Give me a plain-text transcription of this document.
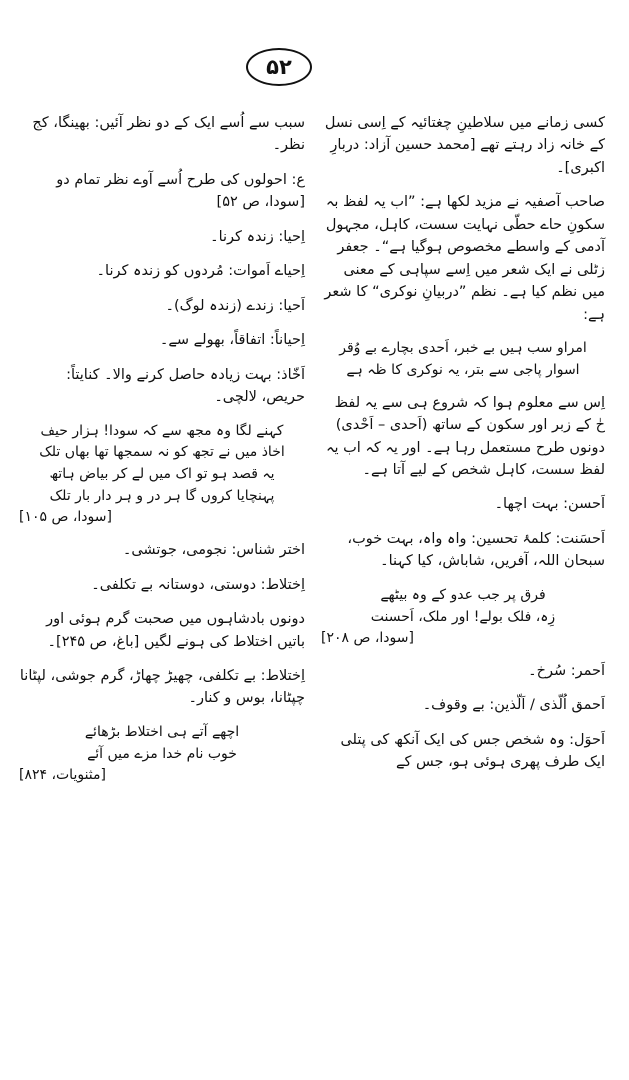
۵۲

کسی زمانے میں سلاطینِ چغتائیہ کے اِسی نسل کے خانہ زاد رہتے تھے [محمد حسین آزاد: دربارِ اکبری]۔

صاحب آصفیہ نے مزید لکھا ہے: ”اب یہ لفظ بہ سکونِ حاے حطّی نہایت سست، کاہل، مجہول آدمی کے واسطے مخصوص ہوگیا ہے“۔ جعفر زٹلی نے ایک شعر میں اِسے سپاہی کے معنی میں نظم کیا ہے۔ نظم ”دربیانِ نوکری“ کا شعر ہے:

امراو سب ہیں بے خبر، اَحدی بچارے بے وُقر
اسوار پاجی سے بتر، یہ نوکری کا ظہ ہے

اِس سے معلوم ہوا کہ شروع ہی سے یہ لفظ حٰ کے زبر اور سکون کے ساتھ (اَحدی – اَحْدی) دونوں طرح مستعمل رہا ہے۔ اور یہ کہ اب یہ لفظ سست، کاہل شخص کے لیے آتا ہے۔

اَحسن: بہت اچھا۔

اَحسَنت: کلمۂ تحسین: واہ واہ، بہت خوب، سبحان اللہ، آفریں، شاباش، کیا کہنا۔

فرق پر جب عدو کے وہ بیٹھے
زِہ، فلک بولے! اور ملک، اَحسنت
[سودا، ص ۲۰۸]

اَحمر: سُرخ۔

اَحمق اُلّذی / اَلّذین: بے وقوف۔

اَحوَل: وہ شخص جس کی ایک آنکھ کی پتلی ایک طرف پھری ہوئی ہو، جس کے

سبب سے اُسے ایک کے دو نظر آئیں: بھینگا، کج نظر۔

ع: احولوں کی طرح اُسے آوے نظر تمام دو [سودا، ص ۵۲]

اِحیا: زندہ کرنا۔

اِحیاے اَموات: مُردوں کو زندہ کرنا۔

اَحیا: زندے (زندہ لوگ)۔

اِحیاناً: اتفاقاً، بھولے سے۔

اَخّاذ: بہت زیادہ حاصل کرنے والا۔ کنایتاً: حریص، لالچی۔

کہنے لگا وہ مجھ سے کہ سودا! ہزار حیف
اخاذ میں نے تجھ کو نہ سمجھا تھا بھاں تلک
یہ قصد ہو تو اک میں لے کر بیاض ہاتھ
پہنچایا کروں گا ہر در و ہر دار بار تلک
[سودا، ص ۱۰۵]

اختر شناس: نجومی، جوتشی۔

اِختلاط: دوستی، دوستانہ بے تکلفی۔

دونوں بادشاہوں میں صحبت گرم ہوئی اور باتیں اختلاط کی ہونے لگیں [باغ، ص ۲۴۵]۔

اِختلاط: بے تکلفی، چھیڑ چھاڑ، گرم جوشی، لپٹانا چپٹانا، بوس و کنار۔

اچھے آتے ہی اختلاط بڑھائے
خوب نام خدا مزے میں آئے
[مثنویات، ۸۲۴]
